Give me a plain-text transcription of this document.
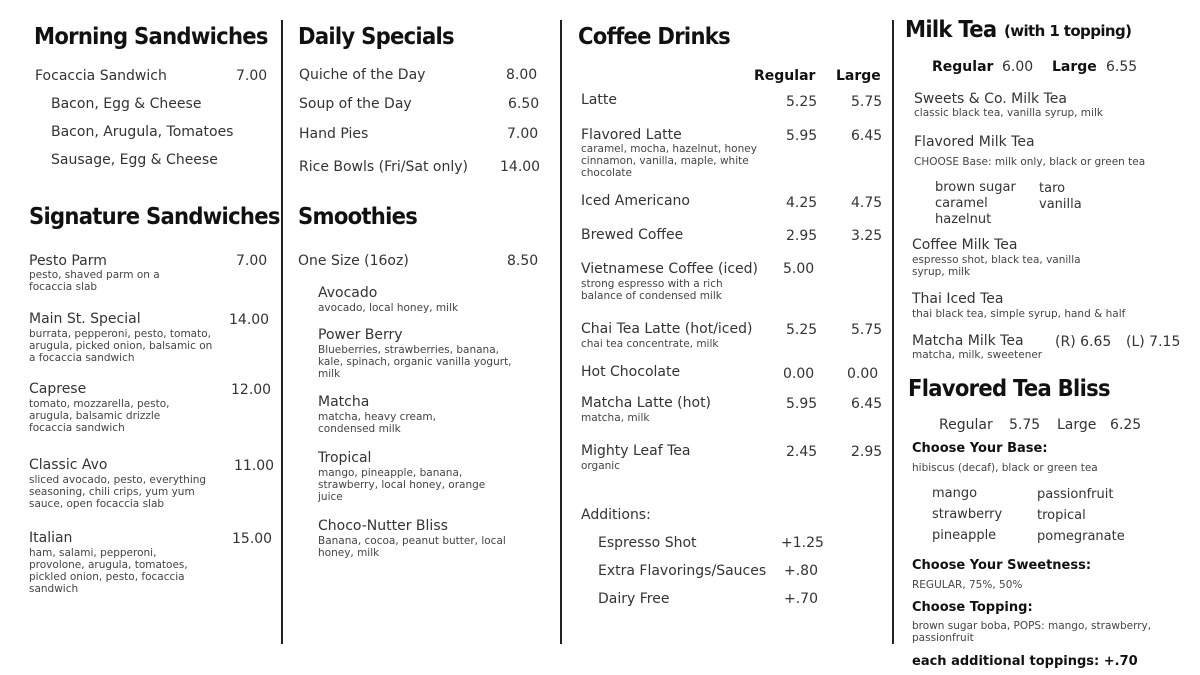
Morning Sandwiches
Focaccia Sandwich	7.00
Bacon, Egg & Cheese
Bacon, Arugula, Tomatoes
Sausage, Egg & Cheese
Signature Sandwiches
Pesto Parm	7.00
pesto, shaved parm on a focaccia slab
Main St. Special	14.00
burrata, pepperoni, pesto, tomato, arugula, picked onion, balsamic on a focaccia sandwich
Caprese	12.00
tomato, mozzarella, pesto, arugula, balsamic drizzle focaccia sandwich
Classic Avo	11.00
sliced avocado, pesto, everything seasoning, chili crips, yum yum sauce, open focaccia slab
Italian	15.00
ham, salami, pepperoni, provolone, arugula, tomatoes, pickled onion, pesto, focaccia sandwich
Daily Specials
Quiche of the Day	8.00
Soup of the Day	6.50
Hand Pies	7.00
Rice Bowls (Fri/Sat only) 14.00
Smoothies
One Size (16oz)	8.50
Avocado
avocado, local honey, milk
Power Berry
Blueberries, strawberries, banana, kale, spinach, organic vanilla yogurt, milk
Matcha
matcha, heavy cream, condensed milk
Tropical
mango, pineapple, banana, strawberry, local honey, orange juice
Choco-Nutter Bliss
Banana, cocoa, peanut butter, local honey, milk
Coffee Drinks
Regular Large
Latte	5.25 5.75
Flavored Latte	5.95 6.45
caramel, mocha, hazelnut, honey cinnamon, vanilla, maple, white chocolate
Iced Americano	4.25 4.75
Brewed Coffee	2.95 3.25
Vietnamese Coffee (iced) 5.00
strong espresso with a rich balance of condensed milk
Chai Tea Latte (hot/iced) 5.25 5.75
chai tea concentrate, milk
Hot Chocolate	0.00 0.00
Matcha Latte (hot)	5.95 6.45
matcha, milk
Mighty Leaf Tea	2.45 2.95
organic
Additions:
Espresso Shot	+1.25
Extra Flavorings/Sauces +.80
Dairy Free	+.70
Milk Tea (with 1 topping)
Regular 6.00 Large 6.55
Sweets & Co. Milk Tea
classic black tea, vanilla syrup, milk
Flavored Milk Tea
CHOOSE Base: milk only, black or green tea
brown sugar
caramel
hazelnut
taro
vanilla
Coffee Milk Tea
espresso shot, black tea, vanilla syrup, milk
Thai Iced Tea
thai black tea, simple syrup, hand & half
Matcha Milk Tea (R) 6.65 (L) 7.15
matcha, milk, sweetener
Flavored Tea Bliss
Regular 5.75 Large 6.25
Choose Your Base:
hibiscus (decaf), black or green tea
mango
strawberry
pineapple
passionfruit
tropical
pomegranate
Choose Your Sweetness:
REGULAR, 75%, 50%
Choose Topping:
brown sugar boba, POPS: mango, strawberry, passionfruit
each additional toppings: +.70
